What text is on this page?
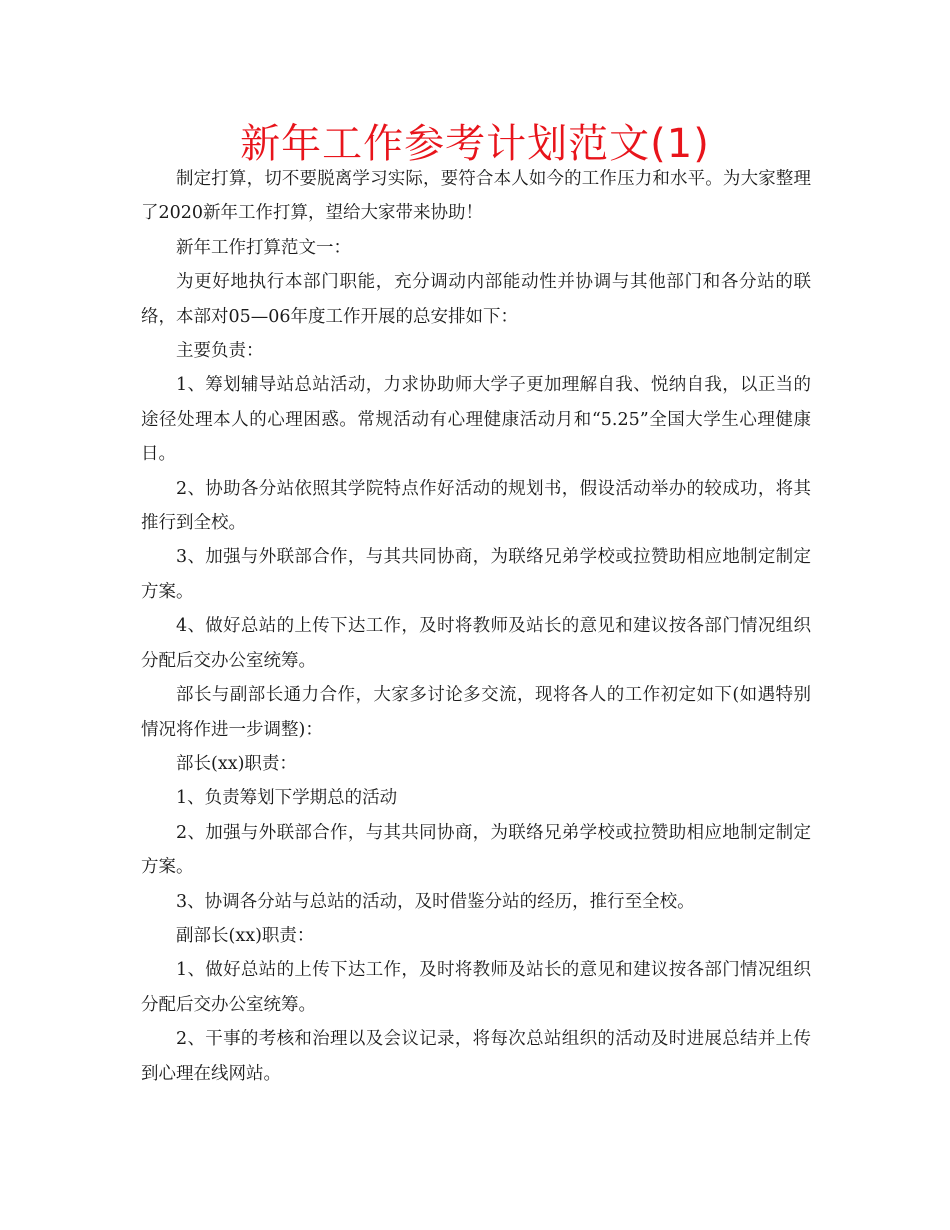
新年工作参考计划范文(1)

制定打算，切不要脱离学习实际，要符合本人如今的工作压力和水平。为大家整理了2020新年工作打算，望给大家带来协助！

新年工作打算范文一：

为更好地执行本部门职能，充分调动内部能动性并协调与其他部门和各分站的联络，本部对05—06年度工作开展的总安排如下：

主要负责：

1、筹划辅导站总站活动，力求协助师大学子更加理解自我、悦纳自我，以正当的途径处理本人的心理困惑。常规活动有心理健康活动月和“5.25”全国大学生心理健康日。

2、协助各分站依照其学院特点作好活动的规划书，假设活动举办的较成功，将其推行到全校。

3、加强与外联部合作，与其共同协商，为联络兄弟学校或拉赞助相应地制定制定方案。

4、做好总站的上传下达工作，及时将教师及站长的意见和建议按各部门情况组织分配后交办公室统筹。

部长与副部长通力合作，大家多讨论多交流，现将各人的工作初定如下(如遇特别情况将作进一步调整)：

部长(xx)职责：

1、负责筹划下学期总的活动

2、加强与外联部合作，与其共同协商，为联络兄弟学校或拉赞助相应地制定制定方案。

3、协调各分站与总站的活动，及时借鉴分站的经历，推行至全校。

副部长(xx)职责：

1、做好总站的上传下达工作，及时将教师及站长的意见和建议按各部门情况组织分配后交办公室统筹。

2、干事的考核和治理以及会议记录，将每次总站组织的活动及时进展总结并上传到心理在线网站。
